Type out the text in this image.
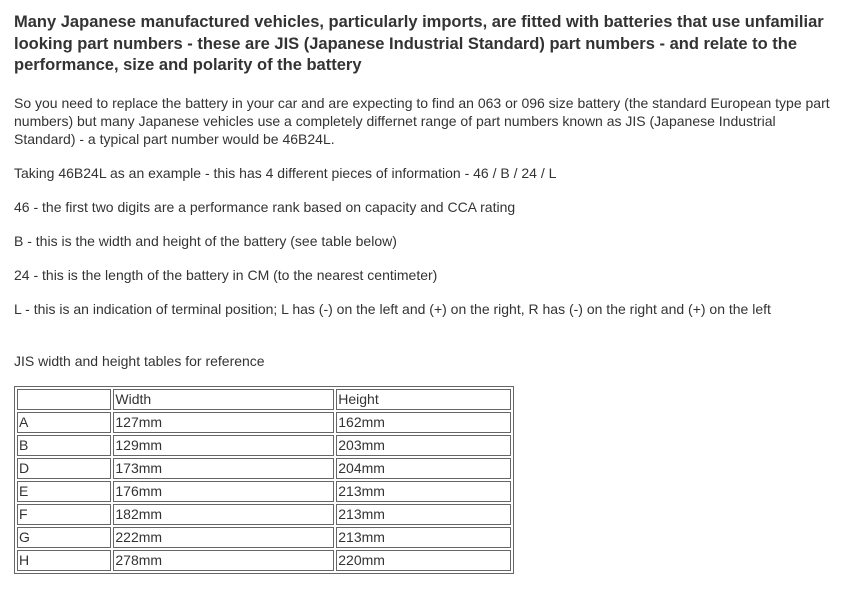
Many Japanese manufactured vehicles, particularly imports, are fitted with batteries that use unfamiliar looking part numbers - these are JIS (Japanese Industrial Standard) part numbers - and relate to the performance, size and polarity of the battery

So you need to replace the battery in your car and are expecting to find an 063 or 096 size battery (the standard European type part numbers) but many Japanese vehicles use a completely differnet range of part numbers known as JIS (Japanese Industrial Standard) - a typical part number would be 46B24L.

Taking 46B24L as an example - this has 4 different pieces of information - 46 / B / 24 / L

46 - the first two digits are a performance rank based on capacity and CCA rating

B - this is the width and height of the battery (see table below)

24 - this is the length of the battery in CM (to the nearest centimeter)

L - this is an indication of terminal position; L has (-) on the left and (+) on the right, R has (-) on the right and (+) on the left

JIS width and height tables for reference

	Width	Height
A	127mm	162mm
B	129mm	203mm
D	173mm	204mm
E	176mm	213mm
F	182mm	213mm
G	222mm	213mm
H	278mm	220mm
